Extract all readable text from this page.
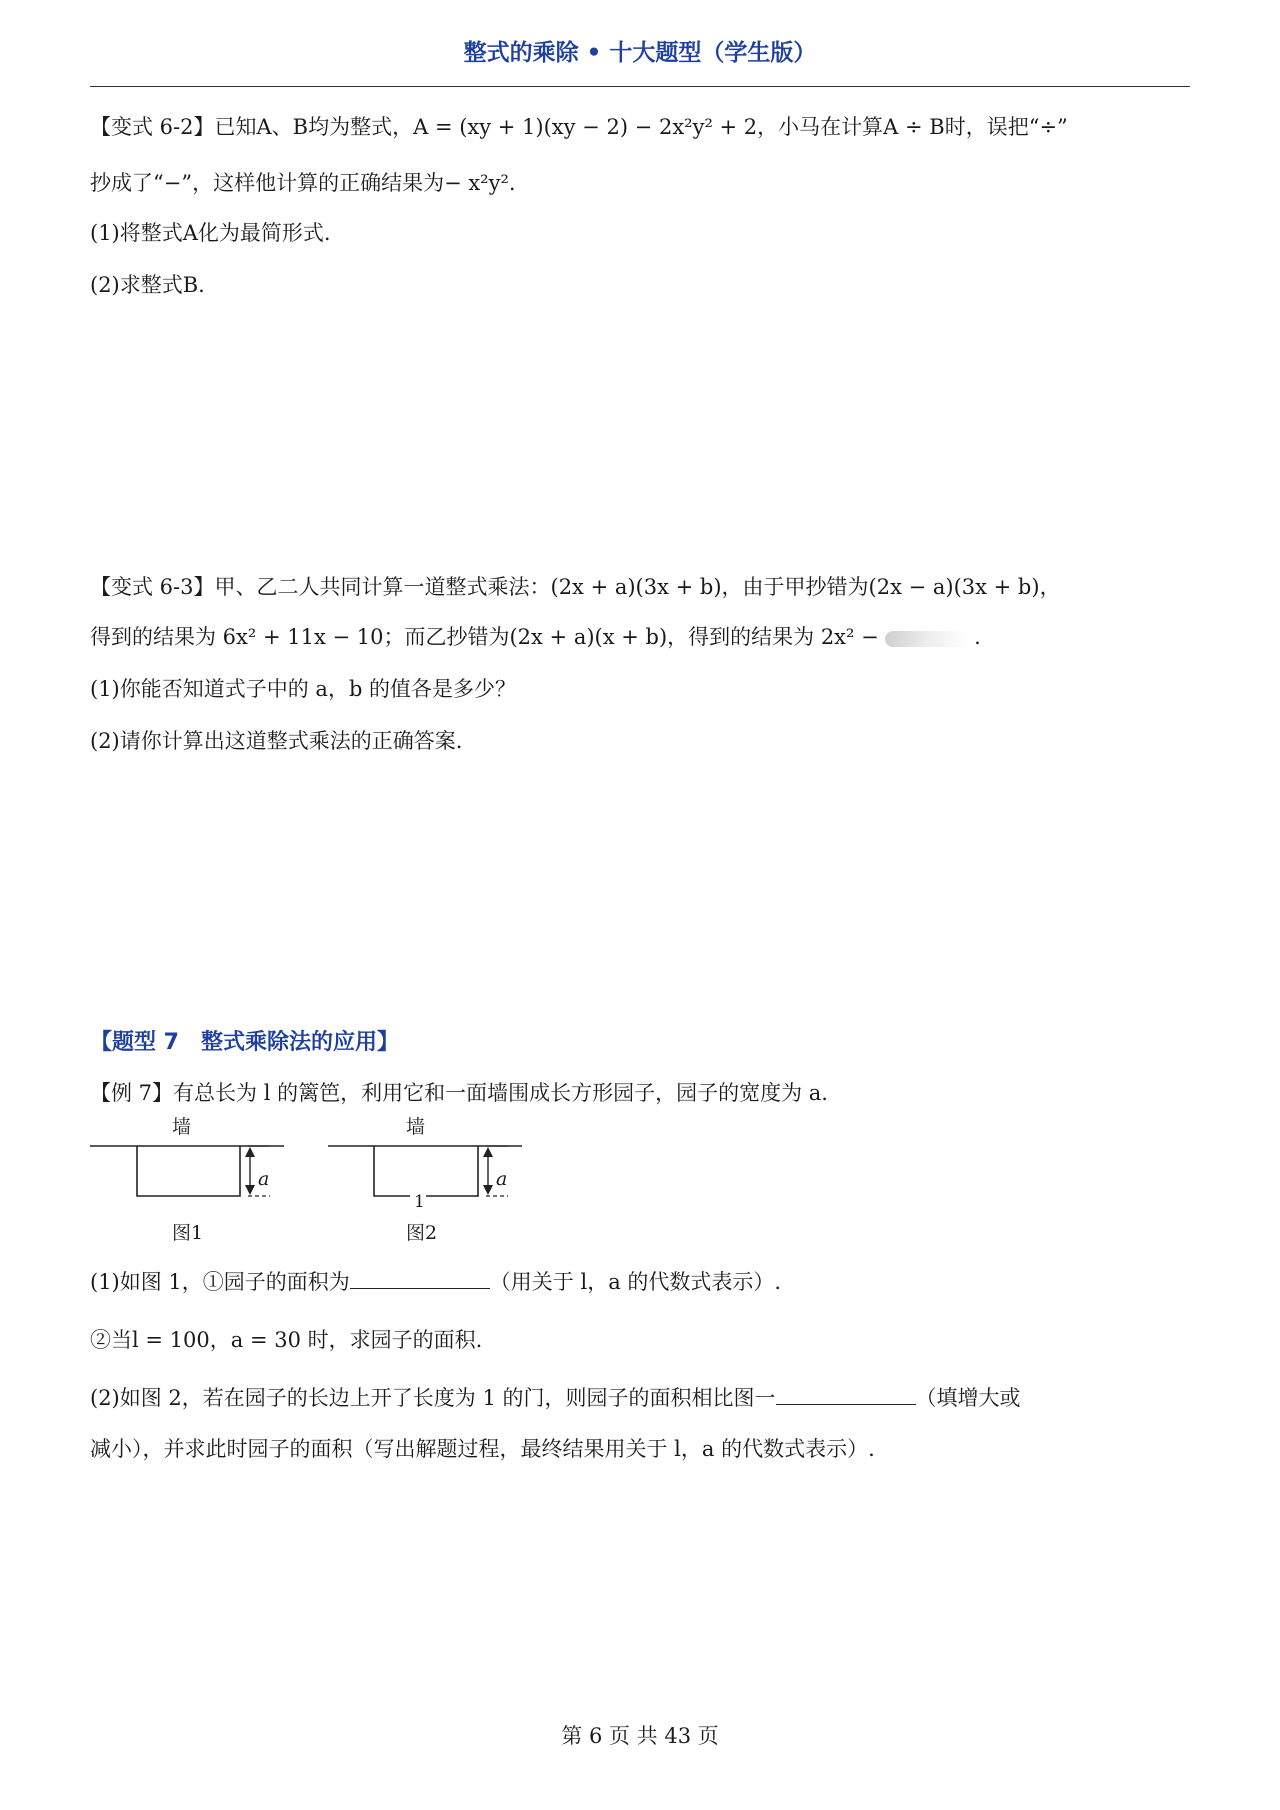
整式的乘除 • 十大题型（学生版）
【变式 6-2】已知A、B均为整式，A = (xy + 1)(xy − 2) − 2x²y² + 2，小马在计算A ÷ B时，误把“÷”
抄成了“−”，这样他计算的正确结果为− x²y².
(1)将整式A化为最简形式.
(2)求整式B.
【变式 6-3】甲、乙二人共同计算一道整式乘法：(2x + a)(3x + b)，由于甲抄错为(2x − a)(3x + b)，
得到的结果为 6x² + 11x − 10；而乙抄错为(2x + a)(x + b)，得到的结果为 2x² −	.
(1)你能否知道式子中的 a，b 的值各是多少？
(2)请你计算出这道整式乘法的正确答案.
【题型 7　整式乘除法的应用】
【例 7】有总长为 l 的篱笆，利用它和一面墙围成长方形园子，园子的宽度为 a.
墙
a
图1
墙
a
1
图2
(1)如图 1，①园子的面积为	（用关于 l，a 的代数式表示）.
②当l = 100，a = 30 时，求园子的面积.
(2)如图 2，若在园子的长边上开了长度为 1 的门，则园子的面积相比图一	（填增大或
减小），并求此时园子的面积（写出解题过程，最终结果用关于 l，a 的代数式表示）.
第 6 页 共 43 页
